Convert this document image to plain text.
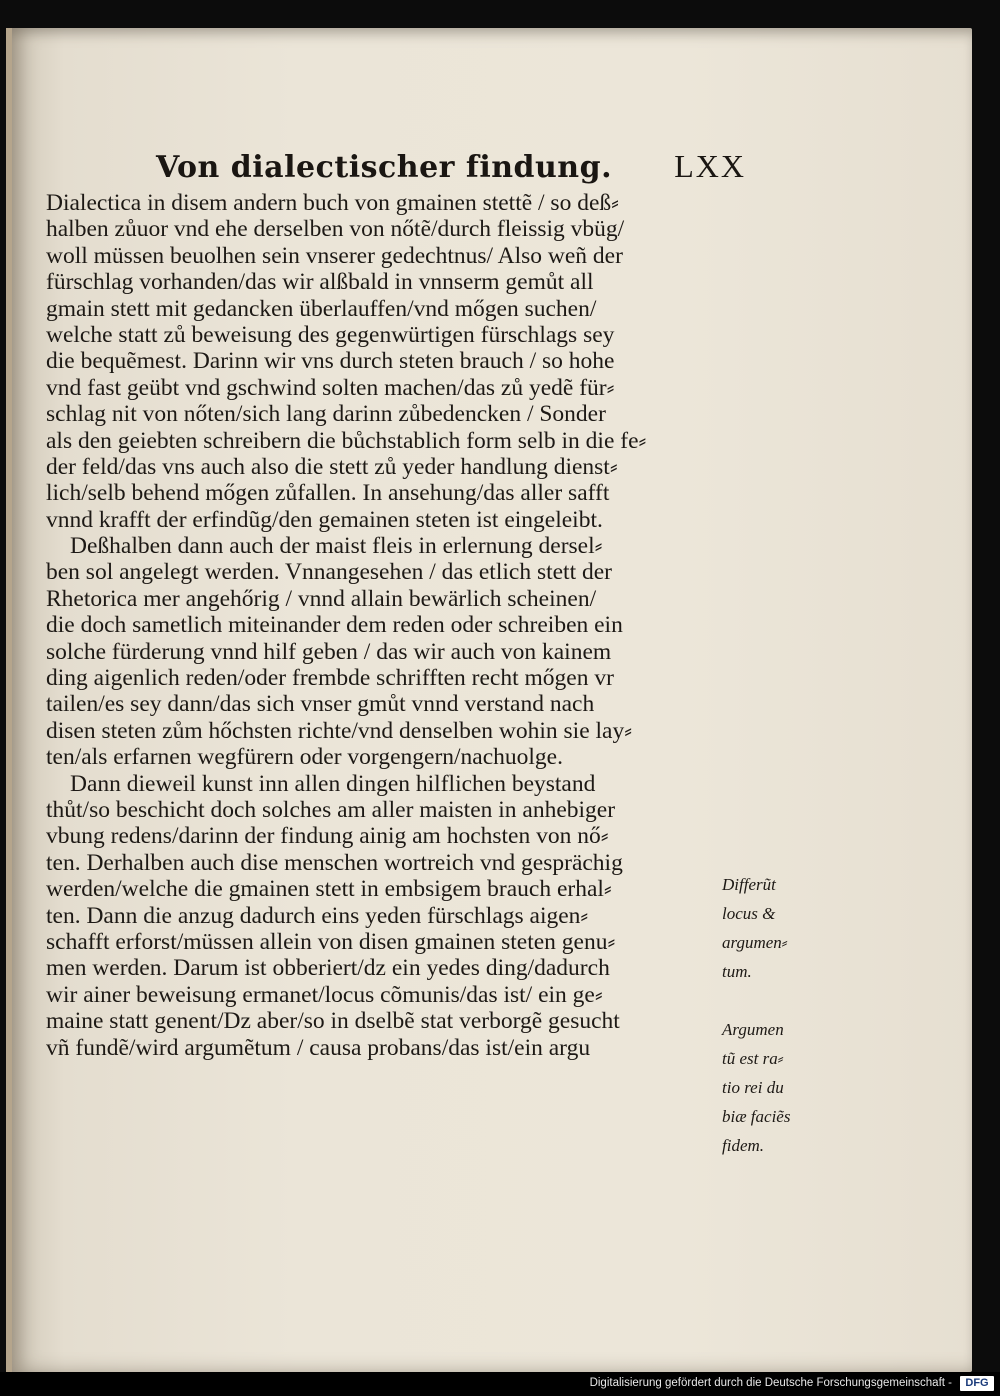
Von dialectischer findung. LXX
Dialectica in disem andern buch von gmainen stettẽ / so deß⸗
halben zůuor vnd ehe derselben von nőtẽ/durch fleissig vbüg/
woll müssen beuolhen sein vnserer gedechtnus/ Also weñ der
fürschlag vorhanden/das wir alßbald in vnnserm gemůt all
gmain stett mit gedancken überlauffen/vnd mőgen suchen/
welche statt zů beweisung des gegenwürtigen fürschlags sey
die bequẽmest. Darinn wir vns durch steten brauch / so hohe
vnd fast geübt vnd gschwind solten machen/das zů yedẽ für⸗
schlag nit von nőten/sich lang darinn zůbedencken / Sonder
als den geiebten schreibern die bůchstablich form selb in die fe⸗
der feld/das vns auch also die stett zů yeder handlung dienst⸗
lich/selb behend mőgen zůfallen. In ansehung/das aller safft
vnnd krafft der erfindũg/den gemainen steten ist eingeleibt.
Deßhalben dann auch der maist fleis in erlernung dersel⸗
ben sol angelegt werden. Vnnangesehen / das etlich stett der
Rhetorica mer angehőrig / vnnd allain bewärlich scheinen/
die doch sametlich miteinander dem reden oder schreiben ein
solche fürderung vnnd hilf geben / das wir auch von kainem
ding aigenlich reden/oder frembde schrifften recht mőgen vr
tailen/es sey dann/das sich vnser gmůt vnnd verstand nach
disen steten zům hőchsten richte/vnd denselben wohin sie lay⸗
ten/als erfarnen wegfürern oder vorgengern/nachuolge.
Dann dieweil kunst inn allen dingen hilflichen beystand
thůt/so beschicht doch solches am aller maisten in anhebiger
vbung redens/darinn der findung ainig am hochsten von nő⸗
ten. Derhalben auch dise menschen wortreich vnd gesprächig
werden/welche die gmainen stett in embsigem brauch erhal⸗
ten. Dann die anzug dadurch eins yeden fürschlags aigen⸗
schafft erforst/müssen allein von disen gmainen steten genu⸗
men werden. Darum ist obberiert/dz ein yedes ding/dadurch
wir ainer beweisung ermanet/locus cõmunis/das ist/ ein ge⸗
maine statt genent/Dz aber/so in dselbẽ stat verborgẽ gesucht
vñ fundẽ/wird argumẽtum / causa probans/das ist/ein argu
Differũt
locus &
argumen⸗
tum.
Argumen
tũ est ra⸗
tio rei du
biæ faciẽs
fidem.
Digitalisierung gefördert durch die Deutsche Forschungsgemeinschaft -	DFG
